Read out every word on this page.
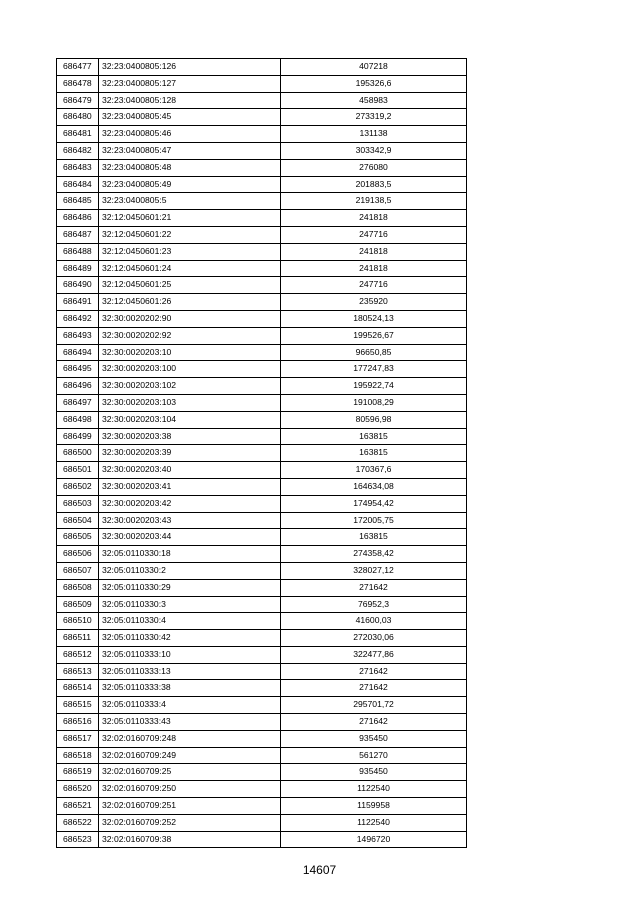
686477	32:23:0400805:126	407218
686478	32:23:0400805:127	195326,6
686479	32:23:0400805:128	458983
686480	32:23:0400805:45	273319,2
686481	32:23:0400805:46	131138
686482	32:23:0400805:47	303342,9
686483	32:23:0400805:48	276080
686484	32:23:0400805:49	201883,5
686485	32:23:0400805:5	219138,5
686486	32:12:0450601:21	241818
686487	32:12:0450601:22	247716
686488	32:12:0450601:23	241818
686489	32:12:0450601:24	241818
686490	32:12:0450601:25	247716
686491	32:12:0450601:26	235920
686492	32:30:0020202:90	180524,13
686493	32:30:0020202:92	199526,67
686494	32:30:0020203:10	96650,85
686495	32:30:0020203:100	177247,83
686496	32:30:0020203:102	195922,74
686497	32:30:0020203:103	191008,29
686498	32:30:0020203:104	80596,98
686499	32:30:0020203:38	163815
686500	32:30:0020203:39	163815
686501	32:30:0020203:40	170367,6
686502	32:30:0020203:41	164634,08
686503	32:30:0020203:42	174954,42
686504	32:30:0020203:43	172005,75
686505	32:30:0020203:44	163815
686506	32:05:0110330:18	274358,42
686507	32:05:0110330:2	328027,12
686508	32:05:0110330:29	271642
686509	32:05:0110330:3	76952,3
686510	32:05:0110330:4	41600,03
686511	32:05:0110330:42	272030,06
686512	32:05:0110333:10	322477,86
686513	32:05:0110333:13	271642
686514	32:05:0110333:38	271642
686515	32:05:0110333:4	295701,72
686516	32:05:0110333:43	271642
686517	32:02:0160709:248	935450
686518	32:02:0160709:249	561270
686519	32:02:0160709:25	935450
686520	32:02:0160709:250	1122540
686521	32:02:0160709:251	1159958
686522	32:02:0160709:252	1122540
686523	32:02:0160709:38	1496720
14607
